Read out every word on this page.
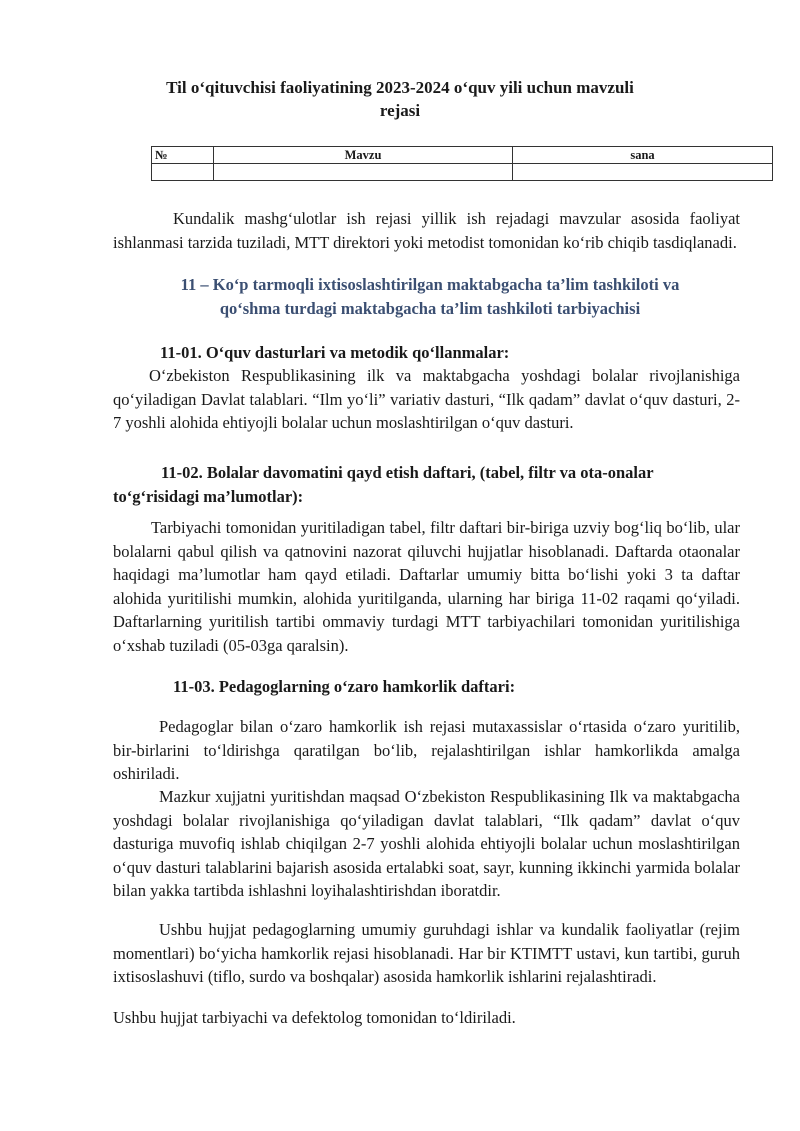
Til o‘qituvchisi faoliyatining 2023-2024 o‘quv yili uchun mavzuli
rejasi
№	Mavzu	sana

Kundalik mashg‘ulotlar ish rejasi yillik ish rejadagi mavzular asosida faoliyat ishlanmasi tarzida tuziladi, MTT direktori yoki metodist tomonidan ko‘rib chiqib tasdiqlanadi.
11 – Ko‘p tarmoqli ixtisoslashtirilgan maktabgacha ta’lim tashkiloti va
qo‘shma turdagi maktabgacha ta’lim tashkiloti tarbiyachisi
11-01. O‘quv dasturlari va metodik qo‘llanmalar:
O‘zbekiston Respublikasining ilk va maktabgacha yoshdagi bolalar rivojlanishiga qo‘yiladigan Davlat talablari. “Ilm yo‘li” variativ dasturi, “Ilk qadam” davlat o‘quv dasturi, 2-7 yoshli alohida ehtiyojli bolalar uchun moslashtirilgan o‘quv dasturi.
11-02. Bolalar davomatini qayd etish daftari, (tabel, filtr va ota-onalar to‘g‘risidagi ma’lumotlar):
Tarbiyachi tomonidan yuritiladigan tabel, filtr daftari bir-biriga uzviy bog‘liq bo‘lib, ular bolalarni qabul qilish va qatnovini nazorat qiluvchi hujjatlar hisoblanadi. Daftarda otaonalar haqidagi ma’lumotlar ham qayd etiladi. Daftarlar umumiy bitta bo‘lishi yoki 3 ta daftar alohida yuritilishi mumkin, alohida yuritilganda, ularning har biriga 11-02 raqami qo‘yiladi. Daftarlarning yuritilish tartibi ommaviy turdagi MTT tarbiyachilari tomonidan yuritilishiga o‘xshab tuziladi (05-03ga qaralsin).
11-03. Pedagoglarning o‘zaro hamkorlik daftari:
Pedagoglar bilan o‘zaro hamkorlik ish rejasi mutaxassislar o‘rtasida o‘zaro yuritilib, bir-birlarini to‘ldirishga qaratilgan bo‘lib, rejalashtirilgan ishlar hamkorlikda amalga oshiriladi.
Mazkur xujjatni yuritishdan maqsad O‘zbekiston Respublikasining Ilk va maktabgacha yoshdagi bolalar rivojlanishiga qo‘yiladigan davlat talablari, “Ilk qadam” davlat o‘quv dasturiga muvofiq ishlab chiqilgan 2-7 yoshli alohida ehtiyojli bolalar uchun moslashtirilgan o‘quv dasturi talablarini bajarish asosida ertalabki soat, sayr, kunning ikkinchi yarmida bolalar bilan yakka tartibda ishlashni loyihalashtirishdan iboratdir.
Ushbu hujjat pedagoglarning umumiy guruhdagi ishlar va kundalik faoliyatlar (rejim momentlari) bo‘yicha hamkorlik rejasi hisoblanadi. Har bir KTIMTT ustavi, kun tartibi, guruh ixtisoslashuvi (tiflo, surdo va boshqalar) asosida hamkorlik ishlarini rejalashtiradi.
Ushbu hujjat tarbiyachi va defektolog tomonidan to‘ldiriladi.
